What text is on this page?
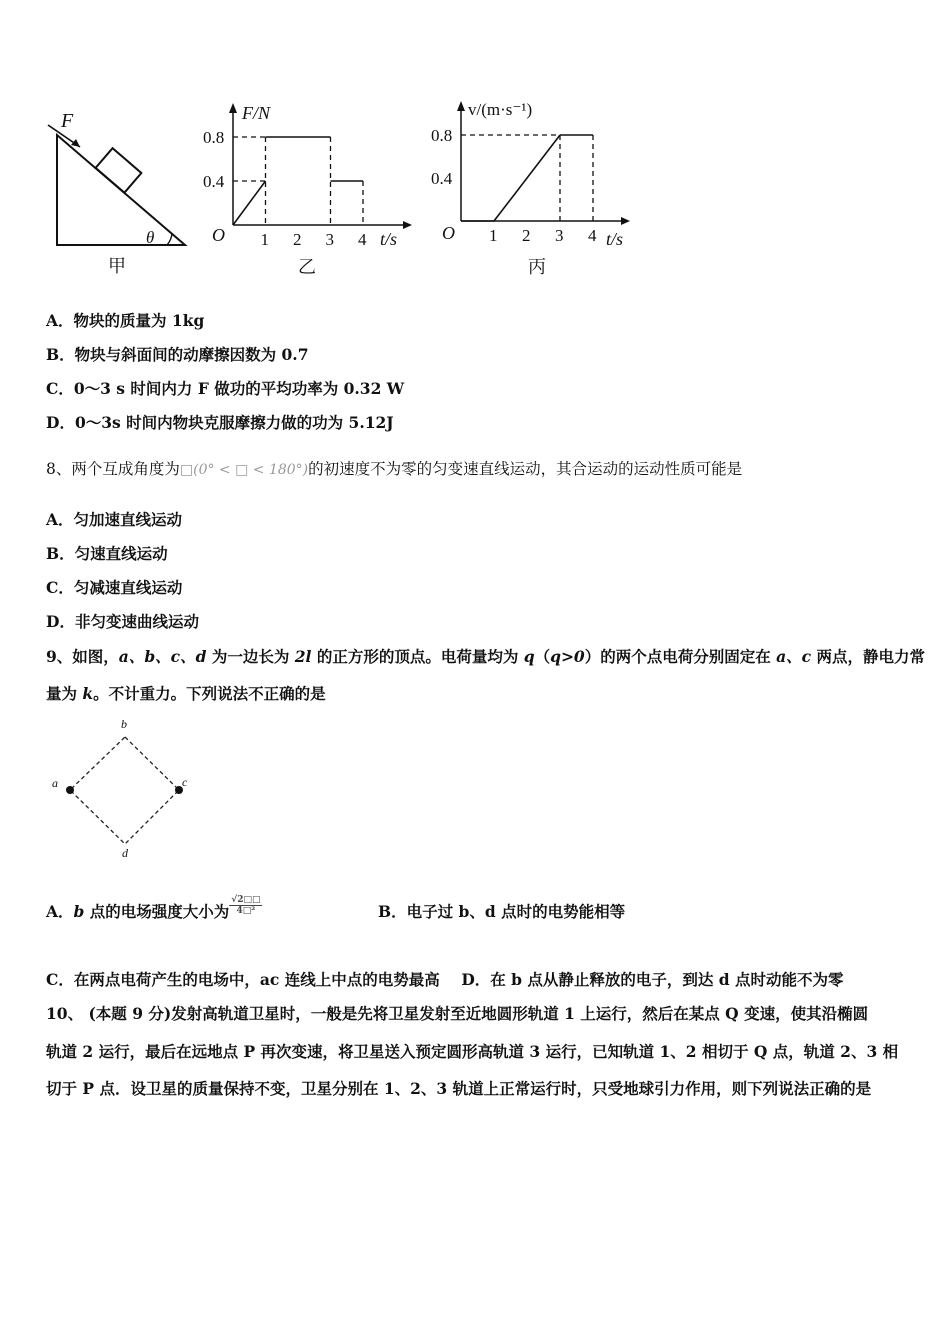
F
θ
甲
F/N
t/s
O
0.8
0.4
1 2 3 4
乙
v/(m·s⁻¹)
t/s
O
0.8
0.4
1 2 3 4
丙
A．物块的质量为 1kg
B．物块与斜面间的动摩擦因数为 0.7
C．0～3 s 时间内力 F 做功的平均功率为 0.32 W
D．0～3s 时间内物块克服摩擦力做的功为 5.12J
8、两个互成角度为□(0° < □ < 180°)的初速度不为零的匀变速直线运动，其合运动的运动性质可能是
A．匀加速直线运动
B．匀速直线运动
C．匀减速直线运动
D．非匀变速曲线运动
9、如图，a、b、c、d 为一边长为 2l 的正方形的顶点。电荷量均为 q（q>0）的两个点电荷分别固定在 a、c 两点，静电力常
量为 k。不计重力。下列说法不正确的是
b
a	c
d
A．b 点的电场强度大小为 $\frac{√2□□}{\text{4□²}}$	B．电子过 b、d 点时的电势能相等
C．在两点电荷产生的电场中，ac 连线上中点的电势最高 D．在 b 点从静止释放的电子，到达 d 点时动能不为零
10、 (本题 9 分)发射高轨道卫星时，一般是先将卫星发射至近地圆形轨道 1 上运行，然后在某点 Q 变速，使其沿椭圆
轨道 2 运行，最后在远地点 P 再次变速，将卫星送入预定圆形高轨道 3 运行，已知轨道 1、2 相切于 Q 点，轨道 2、3 相
切于 P 点．设卫星的质量保持不变，卫星分别在 1、2、3 轨道上正常运行时，只受地球引力作用，则下列说法正确的是
